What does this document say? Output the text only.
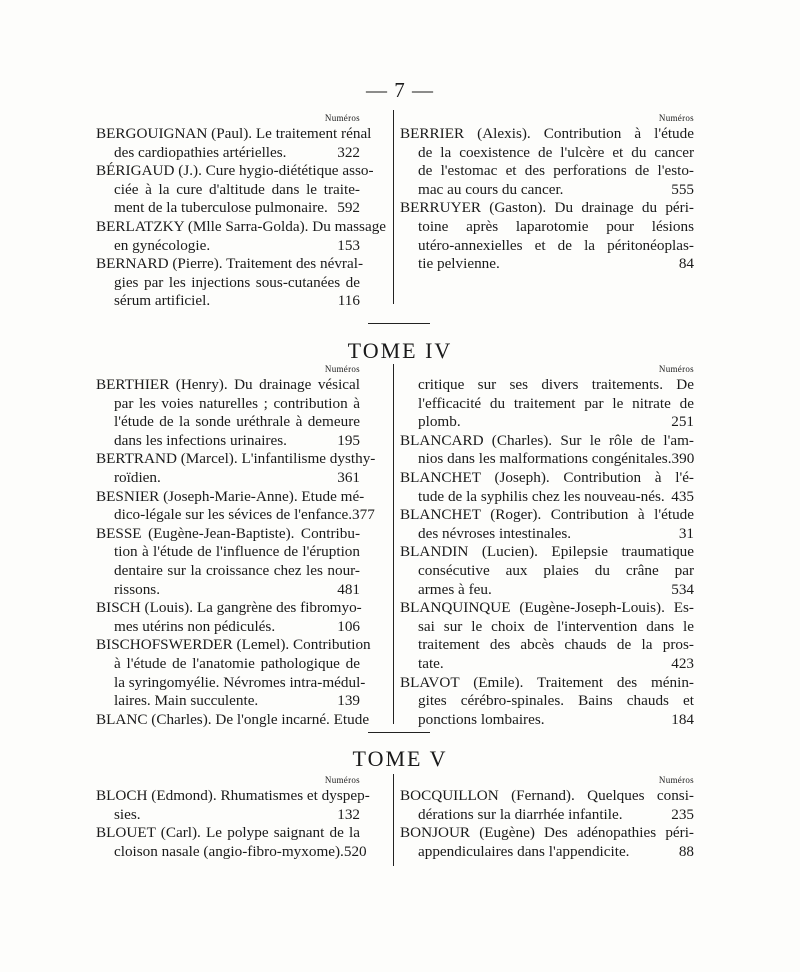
— 7 —
Numéros
BERGOUIGNAN (Paul). Le traitement rénal
des cardiopathies artérielles.	322
BÉRIGAUD (J.). Cure hygio-diététique asso-
ciée à la cure d'altitude dans le traite-
ment de la tuberculose pulmonaire. 592
BERLATZKY (Mlle Sarra-Golda). Du massage
en gynécologie.	153
BERNARD (Pierre). Traitement des névral-
gies par les injections sous-cutanées de
sérum artificiel.	116
Numéros
BERRIER (Alexis). Contribution à l'étude
de la coexistence de l'ulcère et du cancer
de l'estomac et des perforations de l'esto-
mac au cours du cancer.	555
BERRUYER (Gaston). Du drainage du péri-
toine après laparotomie pour lésions
utéro-annexielles et de la péritonéoplas-
tie pelvienne.	84
TOME IV
Numéros
BERTHIER (Henry). Du drainage vésical
par les voies naturelles ; contribution à
l'étude de la sonde uréthrale à demeure
dans les infections urinaires.	195
BERTRAND (Marcel). L'infantilisme dysthy-
roïdien.	361
BESNIER (Joseph-Marie-Anne). Etude mé-
dico-légale sur les sévices de l'enfance. 377
BESSE (Eugène-Jean-Baptiste). Contribu-
tion à l'étude de l'influence de l'éruption
dentaire sur la croissance chez les nour-
rissons.	481
BISCH (Louis). La gangrène des fibromyo-
mes utérins non pédiculés.	106
BISCHOFSWERDER (Lemel). Contribution
à l'étude de l'anatomie pathologique de
la syringomyélie. Névromes intra-médul-
laires. Main succulente.	139
BLANC (Charles). De l'ongle incarné. Etude
Numéros
critique sur ses divers traitements. De
l'efficacité du traitement par le nitrate de
plomb.	251
BLANCARD (Charles). Sur le rôle de l'am-
nios dans les malformations congénitales. 390
BLANCHET (Joseph). Contribution à l'é-
tude de la syphilis chez les nouveau-nés. 435
BLANCHET (Roger). Contribution à l'étude
des névroses intestinales.	31
BLANDIN (Lucien). Epilepsie traumatique
consécutive aux plaies du crâne par
armes à feu.	534
BLANQUINQUE (Eugène-Joseph-Louis). Es-
sai sur le choix de l'intervention dans le
traitement des abcès chauds de la pros-
tate.	423
BLAVOT (Emile). Traitement des ménin-
gites cérébro-spinales. Bains chauds et
ponctions lombaires.	184
TOME V
Numéros
BLOCH (Edmond). Rhumatismes et dyspep-
sies.	132
BLOUET (Carl). Le polype saignant de la
cloison nasale (angio-fibro-myxome). 520
Numéros
BOCQUILLON (Fernand). Quelques consi-
dérations sur la diarrhée infantile.	235
BONJOUR (Eugène) Des adénopathies péri-
appendiculaires dans l'appendicite.	88
